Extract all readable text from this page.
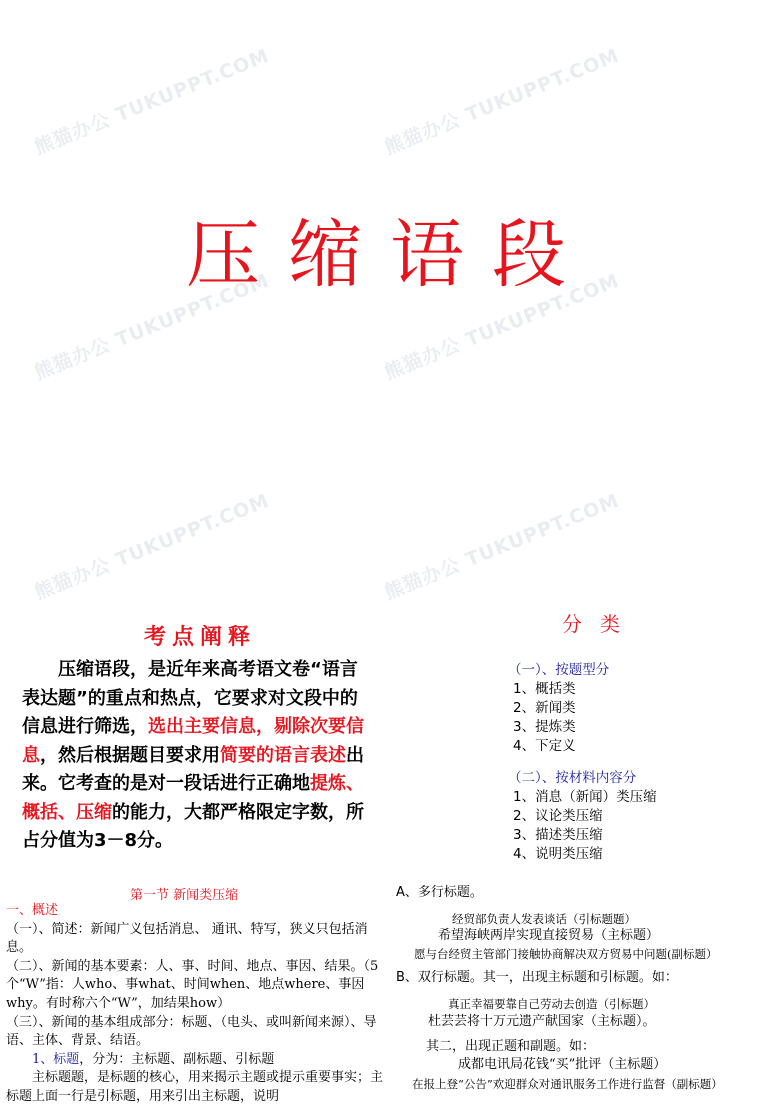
熊猫办公 TUKUPPT.COM	熊猫办公 TUKUPPT.COM
熊猫办公 TUKUPPT.COM	熊猫办公 TUKUPPT.COM
熊猫办公 TUKUPPT.COM	熊猫办公 TUKUPPT.COM
压缩语段
考点阐释
压缩语段，是近年来高考语文卷“语言表达题”的重点和热点，它要求对文段中的信息进行筛选，选出主要信息，剔除次要信息，然后根据题目要求用简要的语言表述出来。它考查的是对一段话进行正确地提炼、概括、压缩的能力，大都严格限定字数，所占分值为3－8分。
分类
（一）、按题型分
1、概括类
2、新闻类
3、提炼类
4、下定义
（二）、按材料内容分
1、消息（新闻）类压缩
2、议论类压缩
3、描述类压缩
4、说明类压缩
第一节 新闻类压缩
一、概述
（一）、简述：新闻广义包括消息、 通讯、特写，狭义只包括消息。
（二）、新闻的基本要素：人、事、时间、地点、事因、结果。（5个“W”指：人who、事what、时间when、地点where、事因why。有时称六个“W”，加结果how）
（三）、新闻的基本组成部分：标题、（电头、或叫新闻来源）、导语、主体、背景、结语。
1、标题，分为：主标题、副标题、引标题
主标题题，是标题的核心，用来揭示主题或提示重要事实；主标题上面一行是引标题，用来引出主标题，说明
A、多行标题。
经贸部负责人发表谈话（引标题题）
希望海峡两岸实现直接贸易（主标题）
愿与台经贸主管部门接触协商解决双方贸易中问题(副标题）
B、双行标题。其一，出现主标题和引标题。如：
真正幸福要靠自己劳动去创造（引标题）
杜芸芸将十万元遗产献国家（主标题）。
其二，出现正题和副题。如：
成都电讯局花钱“买”批评（主标题）
在报上登“公告”欢迎群众对通讯服务工作进行监督（副标题）
